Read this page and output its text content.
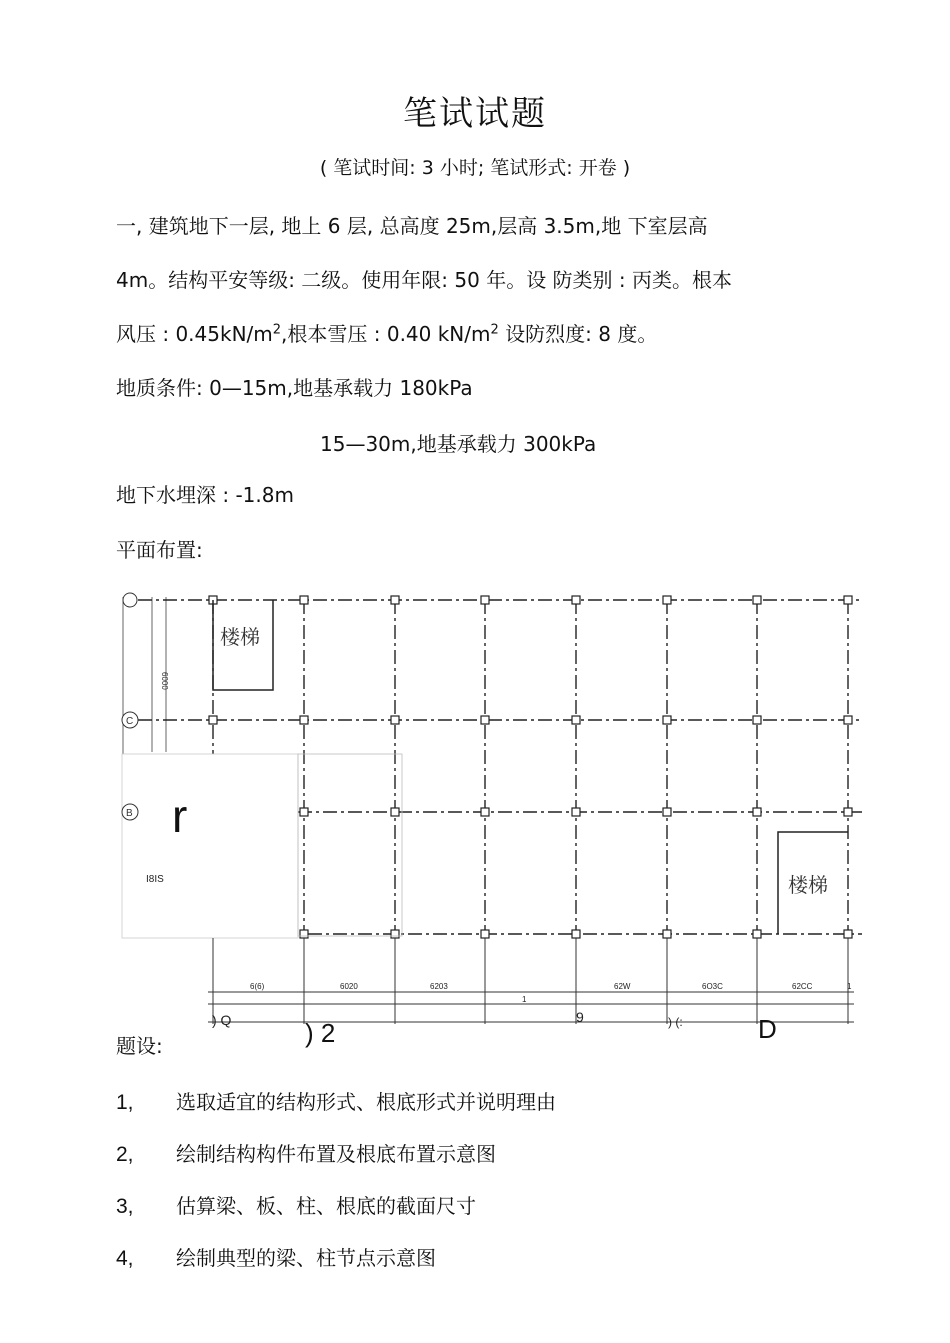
笔试试题
( 笔试时间: 3 小时; 笔试形式: 开卷 )
一, 建筑地下一层, 地上 6 层, 总高度 25m,层高 3.5m,地 下室层高
4m。结构平安等级: 二级。使用年限: 50 年。设 防类别 : 丙类。根本
风压 : $0.45kN/m^2$,根本雪压 : 0.40 $kN/m^2$ 设防烈度: 8 度。
地质条件: 0—15m,地基承载力 180kPa
15—30m,地基承载力 300kPa
地下水埋深 : -1.8m
平面布置:
楼梯
楼梯
C
B
6000
r
I8IS
6(6)	6020	6203	62W	6O3C	62CC	1
1
) Q	9	) (:
) 2	D
题设:
1, 选取适宜的结构形式、根底形式并说明理由
2, 绘制结构构件布置及根底布置示意图
3, 估算梁、板、柱、根底的截面尺寸
4, 绘制典型的梁、柱节点示意图
